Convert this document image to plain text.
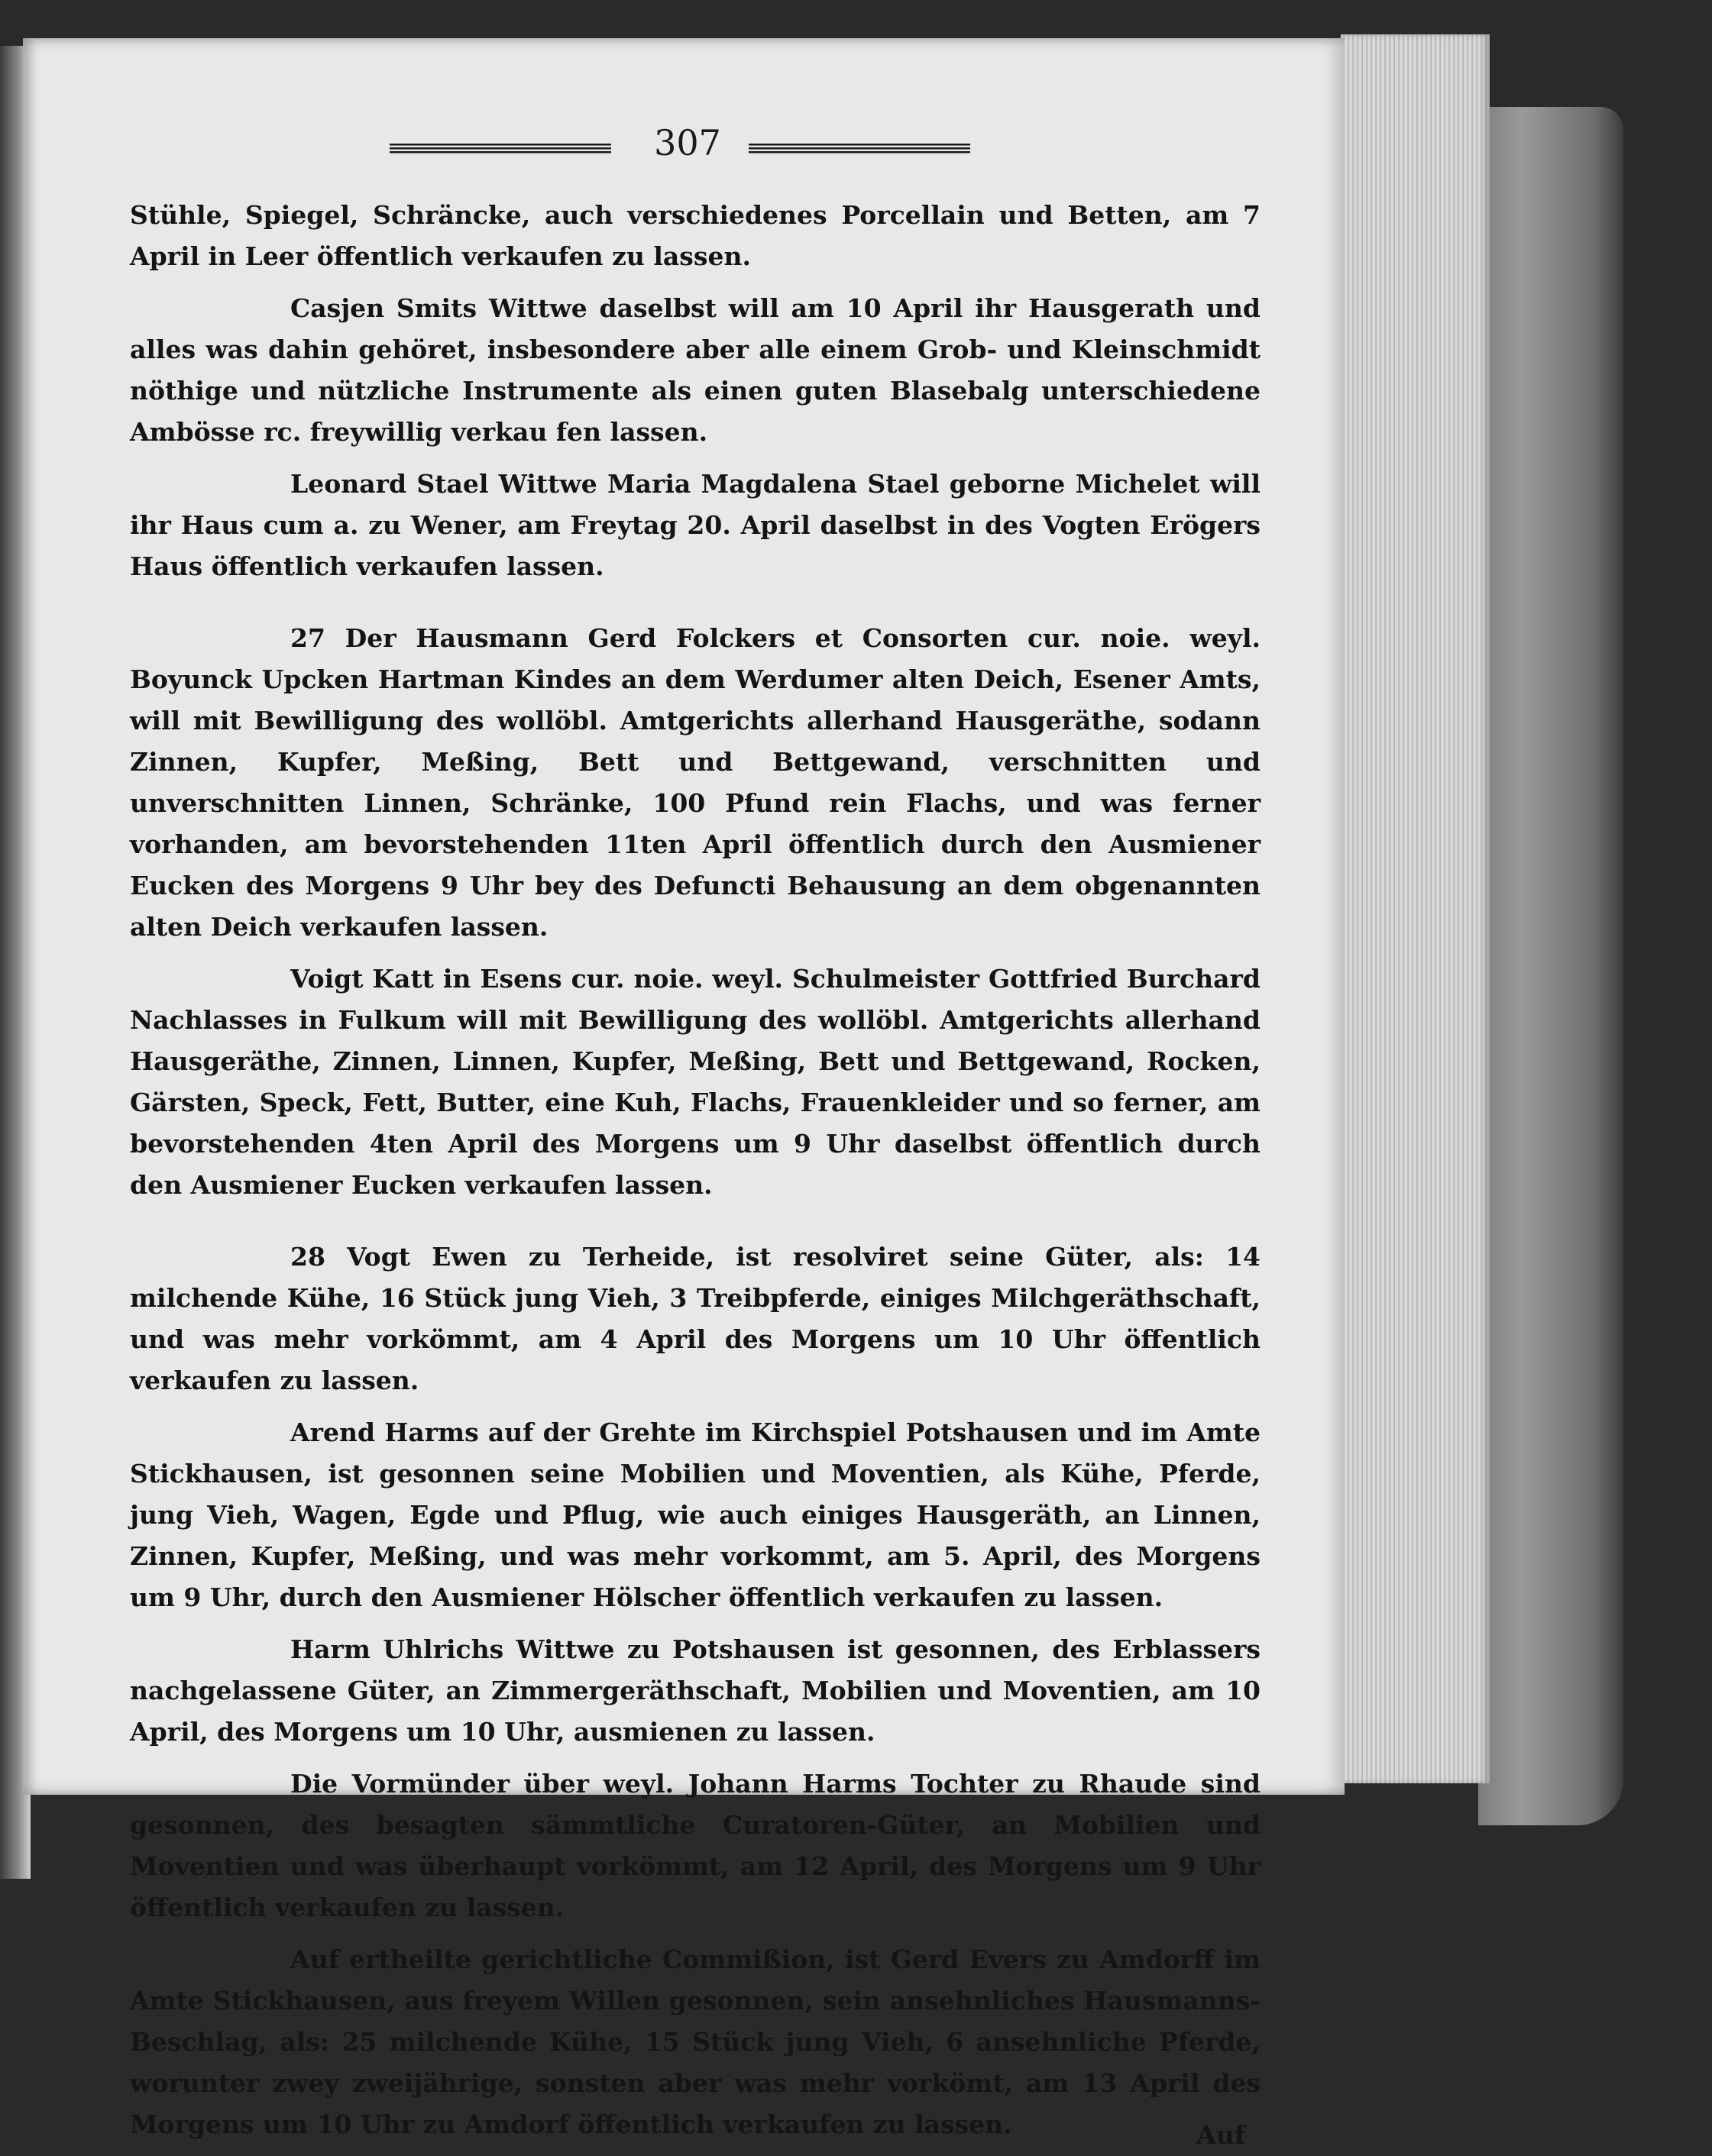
307

Stühle, Spiegel, Schräncke, auch verschiedenes Porcellain und Betten, am 7 April in Leer öffentlich verkaufen zu lassen.

Casjen Smits Wittwe daselbst will am 10 April ihr Hausgerath und alles was dahin gehöret, insbesondere aber alle einem Grob- und Kleinschmidt nöthige und nützliche Instrumente als einen guten Blasebalg unterschiedene Ambösse rc. freywillig verkau fen lassen.

Leonard Stael Wittwe Maria Magdalena Stael geborne Michelet will ihr Haus cum a. zu Wener, am Freytag 20. April daselbst in des Vogten Erögers Haus öffentlich verkaufen lassen.

27 Der Hausmann Gerd Folckers et Consorten cur. noie. weyl. Boyunck Upcken Hartman Kindes an dem Werdumer alten Deich, Esener Amts, will mit Bewilligung des wollöbl. Amtgerichts allerhand Hausgeräthe, sodann Zinnen, Kupfer, Meßing, Bett und Bettgewand, verschnitten und unverschnitten Linnen, Schränke, 100 Pfund rein Flachs, und was ferner vorhanden, am bevorstehenden 11ten April öffentlich durch den Ausmiener Eucken des Morgens 9 Uhr bey des Defuncti Behausung an dem obgenannten alten Deich verkaufen lassen.

Voigt Katt in Esens cur. noie. weyl. Schulmeister Gottfried Burchard Nachlasses in Fulkum will mit Bewilligung des wollöbl. Amtgerichts allerhand Hausgeräthe, Zinnen, Linnen, Kupfer, Meßing, Bett und Bettgewand, Rocken, Gärsten, Speck, Fett, Butter, eine Kuh, Flachs, Frauenkleider und so ferner, am bevorstehenden 4ten April des Morgens um 9 Uhr daselbst öffentlich durch den Ausmiener Eucken verkaufen lassen.

28 Vogt Ewen zu Terheide, ist resolviret seine Güter, als: 14 milchende Kühe, 16 Stück jung Vieh, 3 Treibpferde, einiges Milchgeräthschaft, und was mehr vorkömmt, am 4 April des Morgens um 10 Uhr öffentlich verkaufen zu lassen.

Arend Harms auf der Grehte im Kirchspiel Potshausen und im Amte Stickhausen, ist gesonnen seine Mobilien und Moventien, als Kühe, Pferde, jung Vieh, Wagen, Egde und Pflug, wie auch einiges Hausgeräth, an Linnen, Zinnen, Kupfer, Meßing, und was mehr vorkommt, am 5. April, des Morgens um 9 Uhr, durch den Ausmiener Hölscher öffentlich verkaufen zu lassen.

Harm Uhlrichs Wittwe zu Potshausen ist gesonnen, des Erblassers nachgelassene Güter, an Zimmergeräthschaft, Mobilien und Moventien, am 10 April, des Morgens um 10 Uhr, ausmienen zu lassen.

Die Vormünder über weyl. Johann Harms Tochter zu Rhaude sind gesonnen, des besagten sämmtliche Curatoren-Güter, an Mobilien und Moventien und was überhaupt vorkömmt, am 12 April, des Morgens um 9 Uhr öffentlich verkaufen zu lassen.

Auf ertheilte gerichtliche Commißion, ist Gerd Evers zu Amdorff im Amte Stickhausen, aus freyem Willen gesonnen, sein ansehnliches Hausmanns-Beschlag, als: 25 milchende Kühe, 15 Stück jung Vieh, 6 ansehnliche Pferde, worunter zwey zweijährige, sonsten aber was mehr vorkömt, am 13 April des Morgens um 10 Uhr zu Amdorf öffentlich verkaufen zu lassen.	Auf
